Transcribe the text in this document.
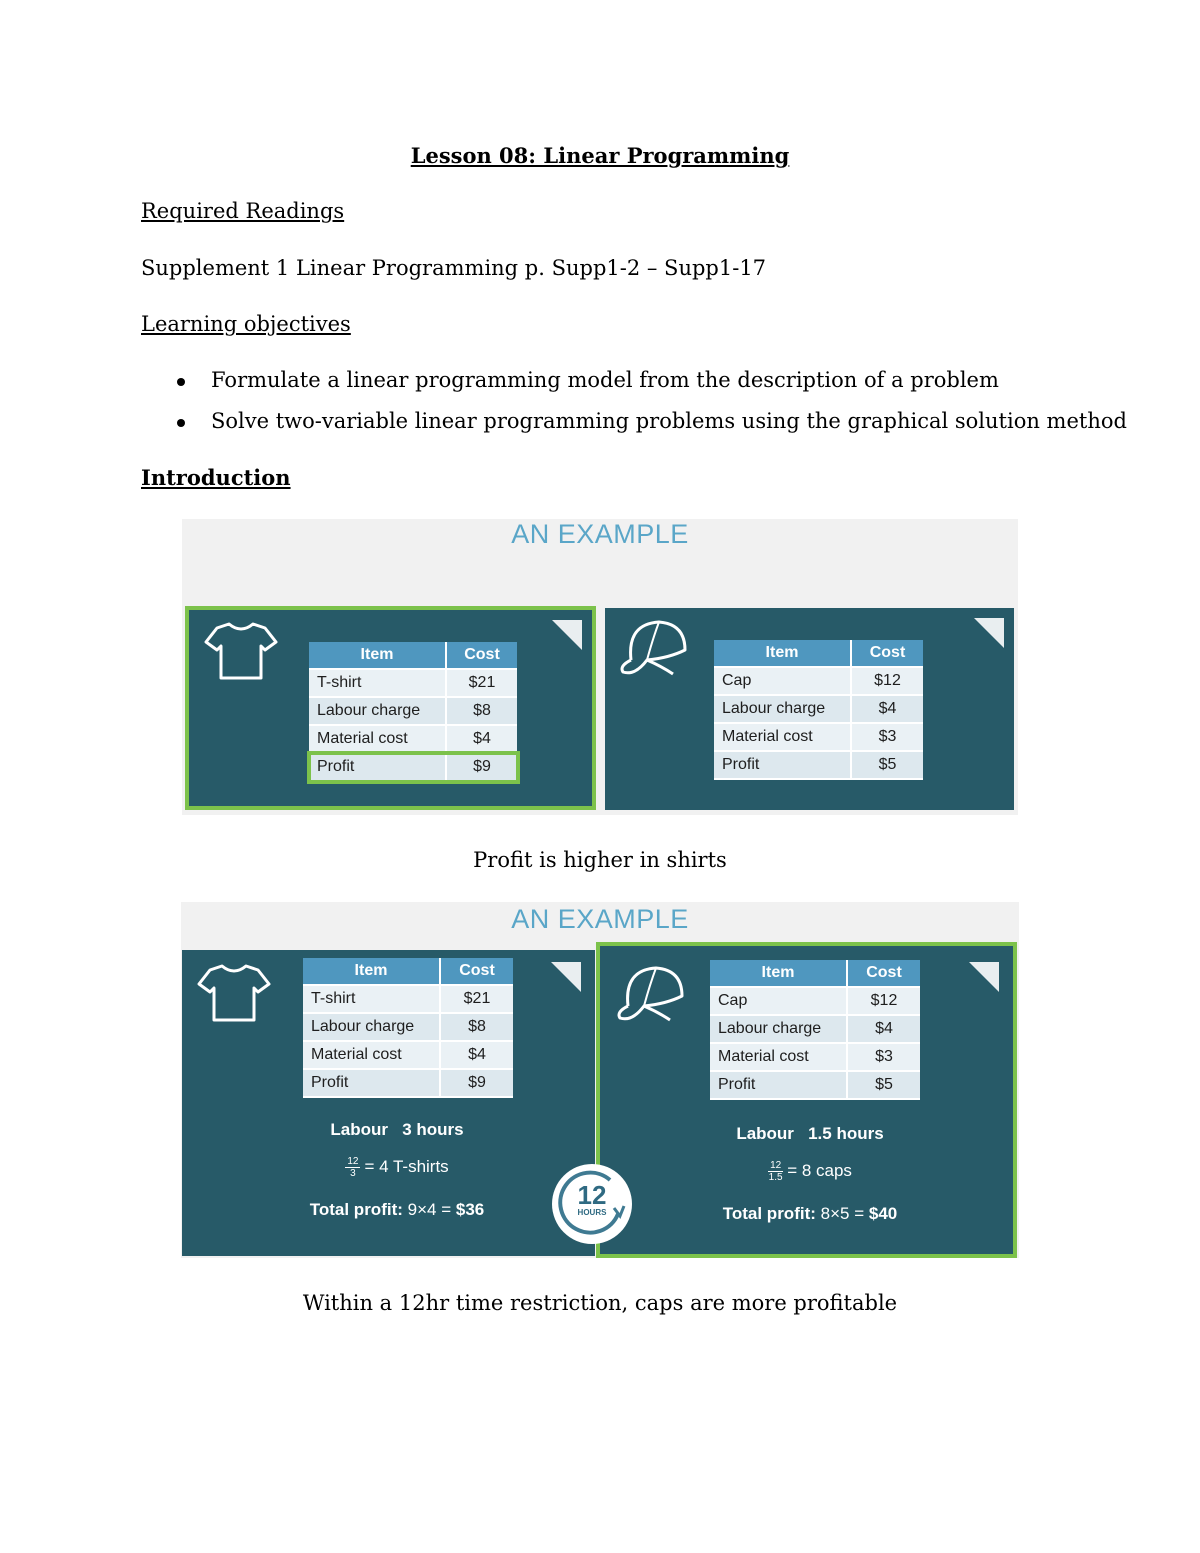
Lesson 08: Linear Programming
Required Readings
Supplement 1 Linear Programming p. Supp1-2 – Supp1-17
Learning objectives
Formulate a linear programming model from the description of a problem
Solve two-variable linear programming problems using the graphical solution method
Introduction
AN EXAMPLE
Item	Cost
T-shirt	$21
Labour charge	$8
Material cost	$4
Profit	$9
Item	Cost
Cap	$12
Labour charge	$4
Material cost	$3
Profit	$5
Profit is higher in shirts
AN EXAMPLE
Item	Cost
T-shirt	$21
Labour charge	$8
Material cost	$4
Profit	$9
Labour 3 hours
$\frac{12}{3} = 4$ T-shirts
Total profit: 9×4 = $36
Item	Cost
Cap	$12
Labour charge	$4
Material cost	$3
Profit	$5
Labour 1.5 hours
$\frac{12}{1.5} = 8$ caps
Total profit: 8×5 = $40
12
HOURS
Within a 12hr time restriction, caps are more profitable
